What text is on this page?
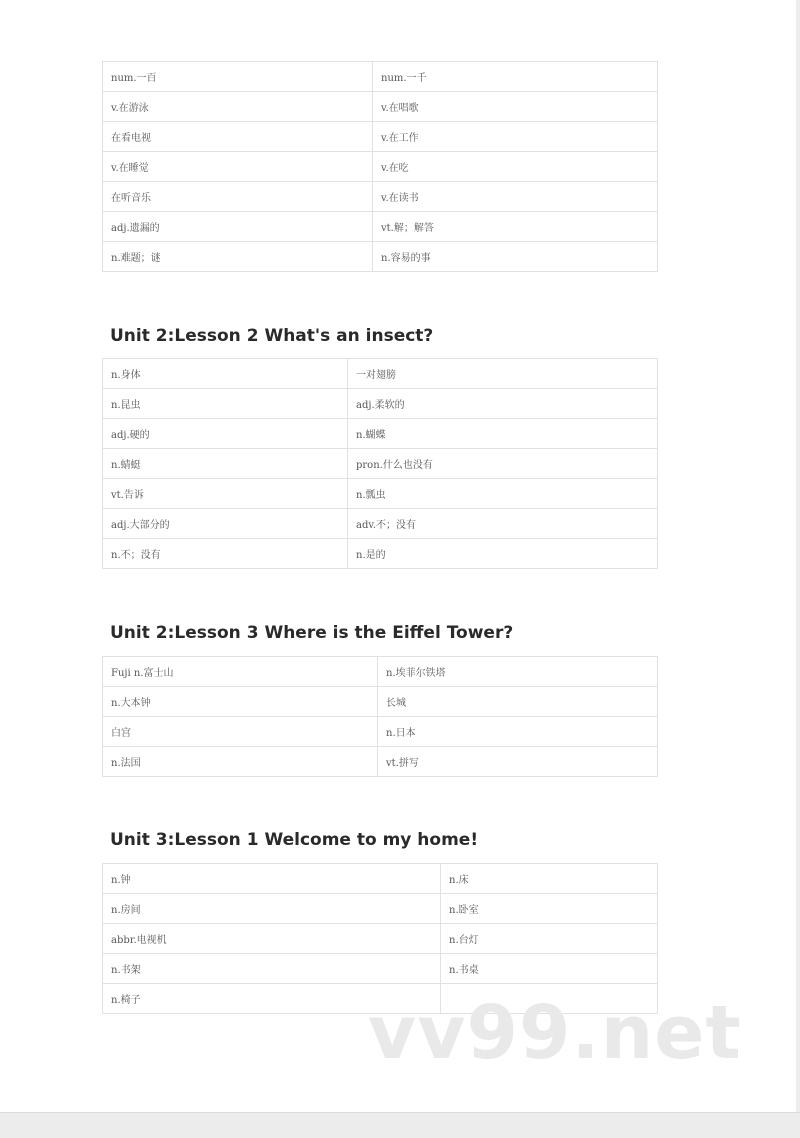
num.一百	num.一千
v.在游泳	v.在唱歌
在看电视	v.在工作
v.在睡觉	v.在吃
在听音乐	v.在读书
adj.遗漏的	vt.解；解答
n.难题；谜	n.容易的事
Unit 2:Lesson 2 What's an insect?
n.身体	一对翅膀
n.昆虫	adj.柔软的
adj.硬的	n.蝴蝶
n.蜻蜓	pron.什么也没有
vt.告诉	n.瓢虫
adj.大部分的	adv.不；没有
n.不；没有	n.是的
Unit 2:Lesson 3 Where is the Eiffel Tower?
Fuji n.富士山	n.埃菲尔铁塔
n.大本钟	长城
白宫	n.日本
n.法国	vt.拼写
Unit 3:Lesson 1 Welcome to my home!
n.钟	n.床
n.房间	n.卧室
abbr.电视机	n.台灯
n.书架	n.书桌
n.椅子		vv99.net
